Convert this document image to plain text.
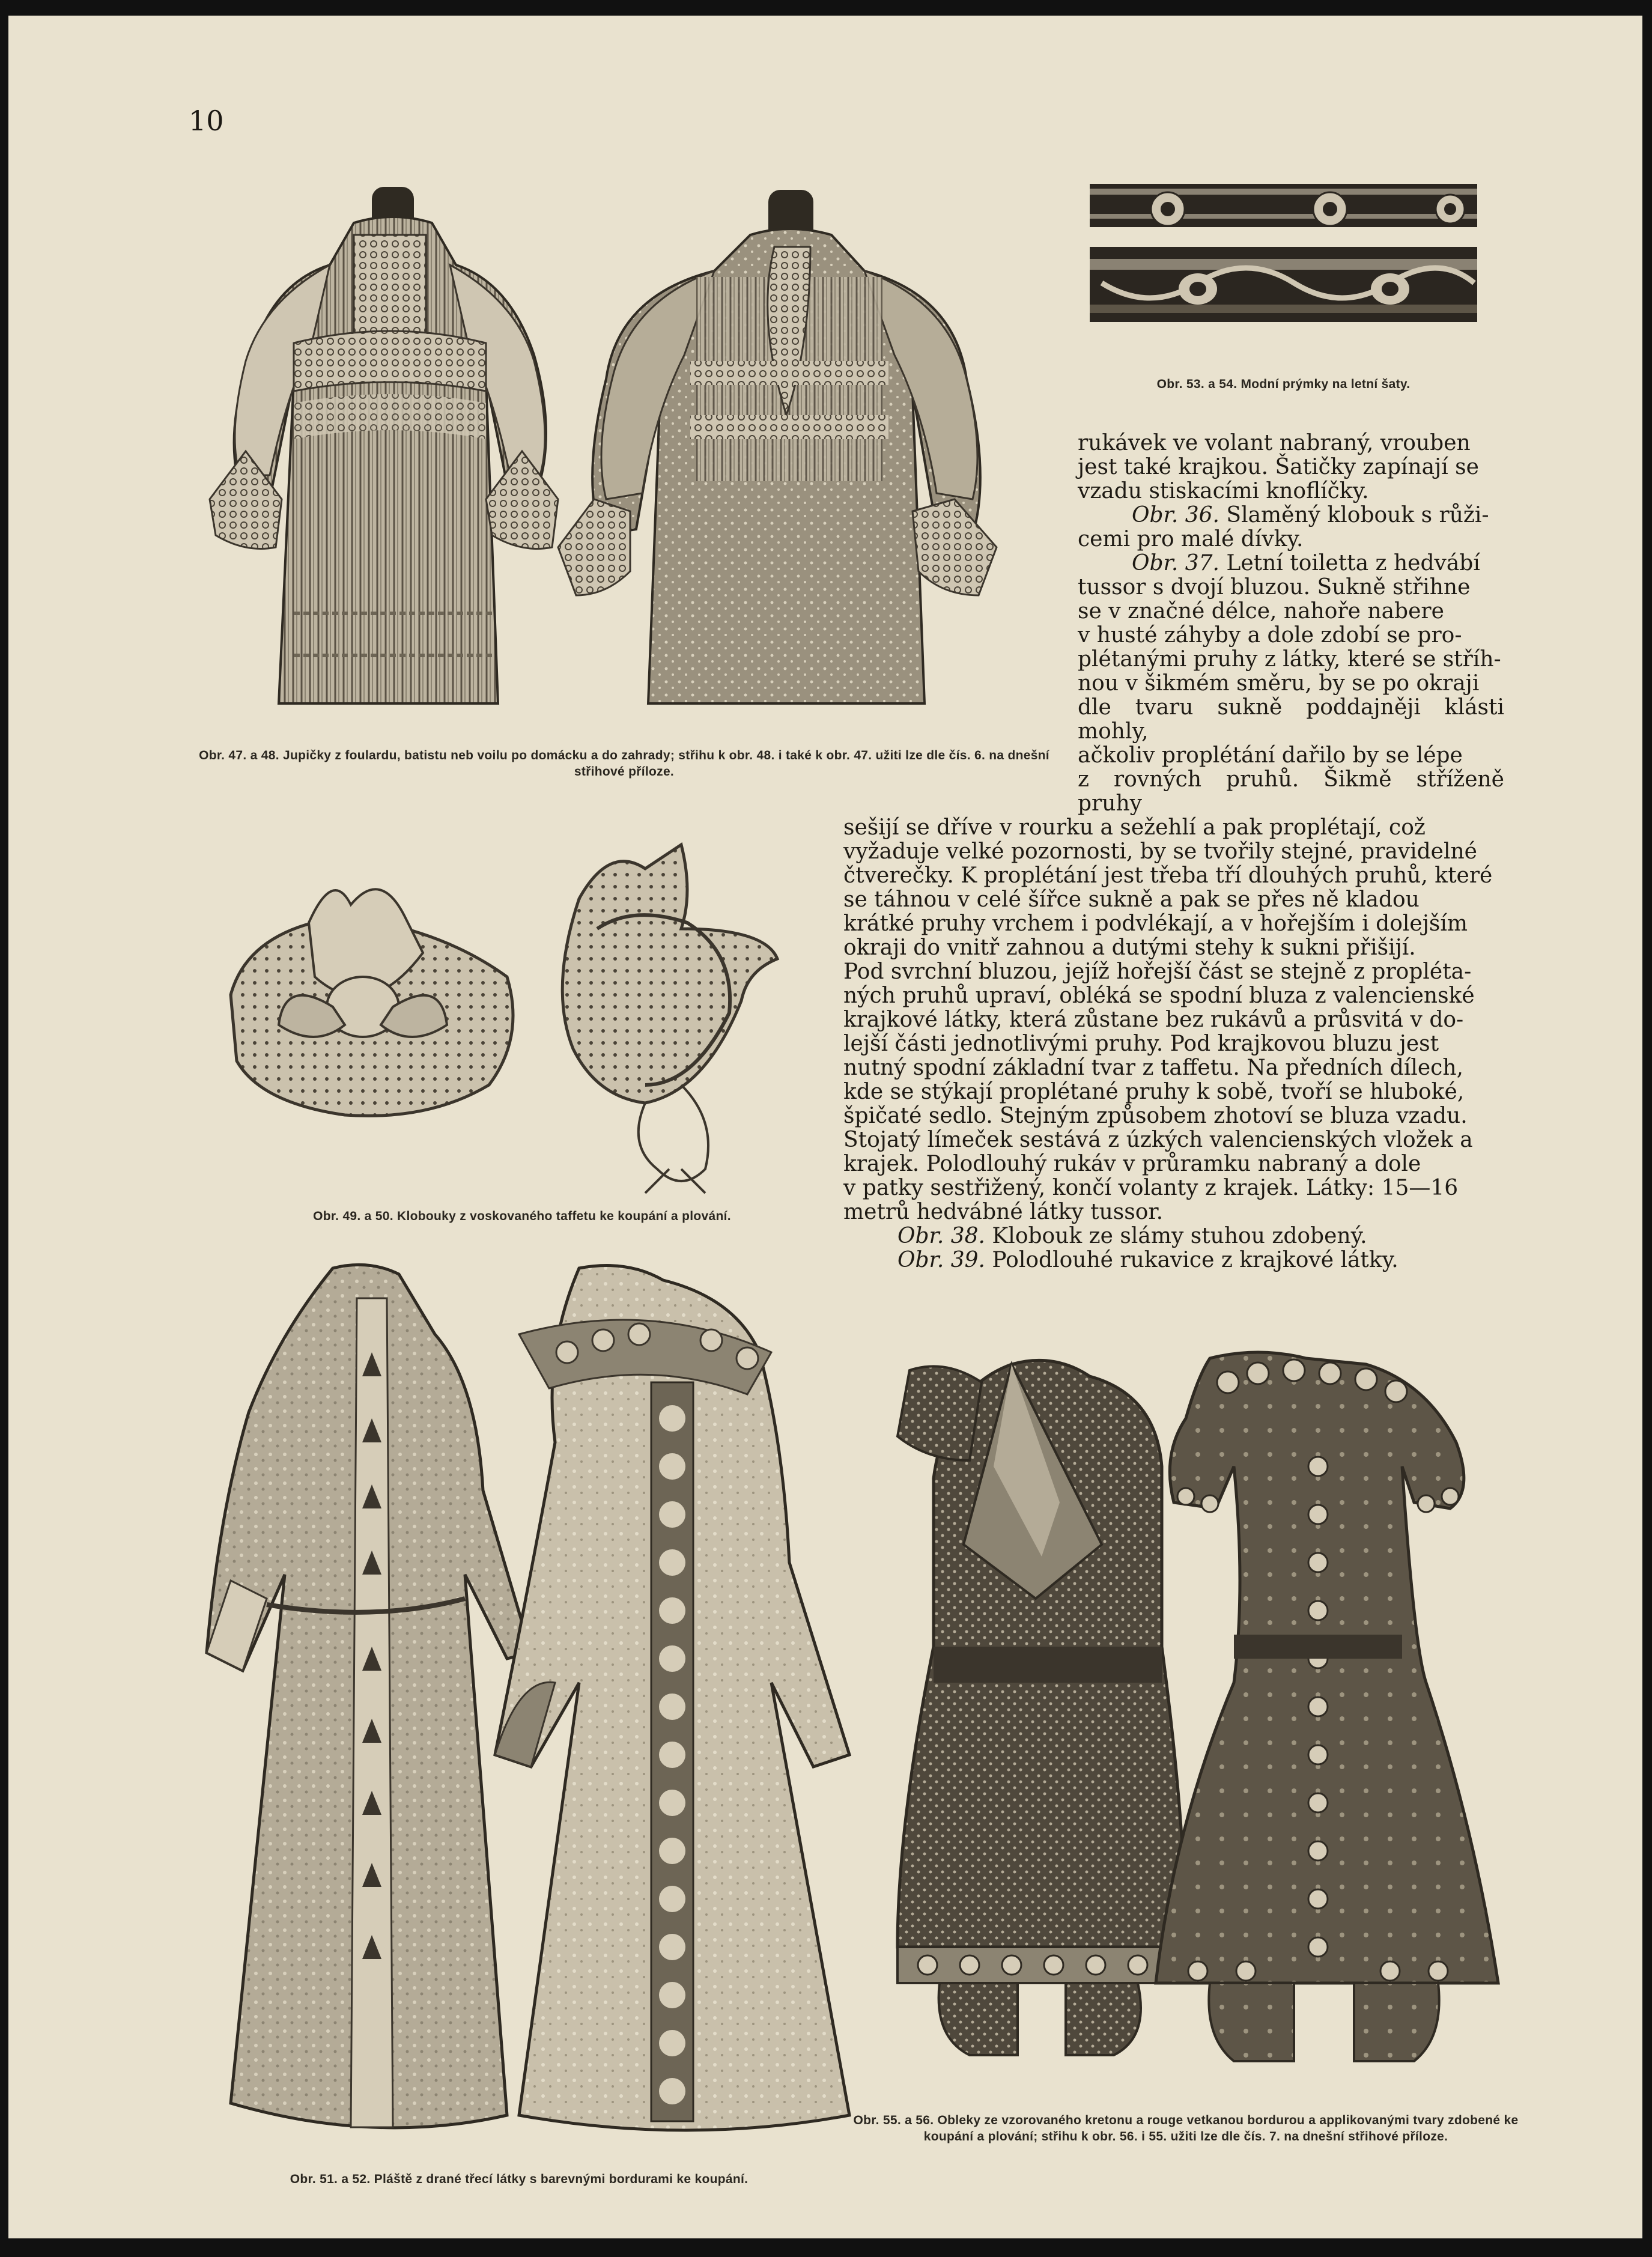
10
Obr. 47. a 48. Jupičky z foulardu, batistu neb voilu po domácku a do zahrady; střihu k obr. 48. i také k obr. 47. užiti lze dle čís. 6. na dnešní střihové příloze.
Obr. 53. a 54. Modní prýmky na letní šaty.

rukávek ve volant nabraný, vrouben

jest také krajkou. Šatičky zapínají se

vzadu stiskacími knoflíčky.

Obr. 36. Slaměný klobouk s růži-

cemi pro malé dívky.

Obr. 37. Letní toiletta z hedvábí

tussor s dvojí bluzou. Sukně střihne

se v značné délce, nahoře nabere

v husté záhyby a dole zdobí se pro-

plétanými pruhy z látky, které se stříh-

nou v šikmém směru, by se po okraji

dle tvaru sukně poddajněji klásti mohly,

ačkoliv proplétání dařilo by se lépe

z rovných pruhů. Šikmě stříženě pruhy

sešijí se dříve v rourku a sežehlí a pak proplétají, což

vyžaduje velké pozornosti, by se tvořily stejné, pravidelné

čtverečky. K proplétání jest třeba tří dlouhých pruhů, které

se táhnou v celé šířce sukně a pak se přes ně kladou

krátké pruhy vrchem i podvlékají, a v hořejším i dolejším

okraji do vnitř zahnou a dutými stehy k sukni přišijí.

Pod svrchní bluzou, jejíž hořejší část se stejně z propléta-

ných pruhů upraví, obléká se spodní bluza z valencienské

krajkové látky, která zůstane bez rukávů a průsvitá v do-

lejší části jednotlivými pruhy. Pod krajkovou bluzu jest

nutný spodní základní tvar z taffetu. Na předních dílech,

kde se stýkají proplétané pruhy k sobě, tvoří se hluboké,

špičaté sedlo. Stejným způsobem zhotoví se bluza vzadu.

Stojatý límeček sestává z úzkých valencienských vložek a

krajek. Polodlouhý rukáv v průramku nabraný a dole

v patky sestřižený, končí volanty z krajek. Látky: 15—16

metrů hedvábné látky tussor.

Obr. 38. Klobouk ze slámy stuhou zdobený.

Obr. 39. Polodlouhé rukavice z krajkové látky.

Obr. 49. a 50. Klobouky z voskovaného taffetu ke koupání a plování.
Obr. 51. a 52. Pláště z drané třecí látky s barevnými bordurami ke koupání.
Obr. 55. a 56. Obleky ze vzorovaného kretonu a rouge vetkanou bordurou a applikovanými tvary zdobené ke koupání a plování; střihu k obr. 56. i 55. užiti lze dle čís. 7. na dnešní střihové příloze.
